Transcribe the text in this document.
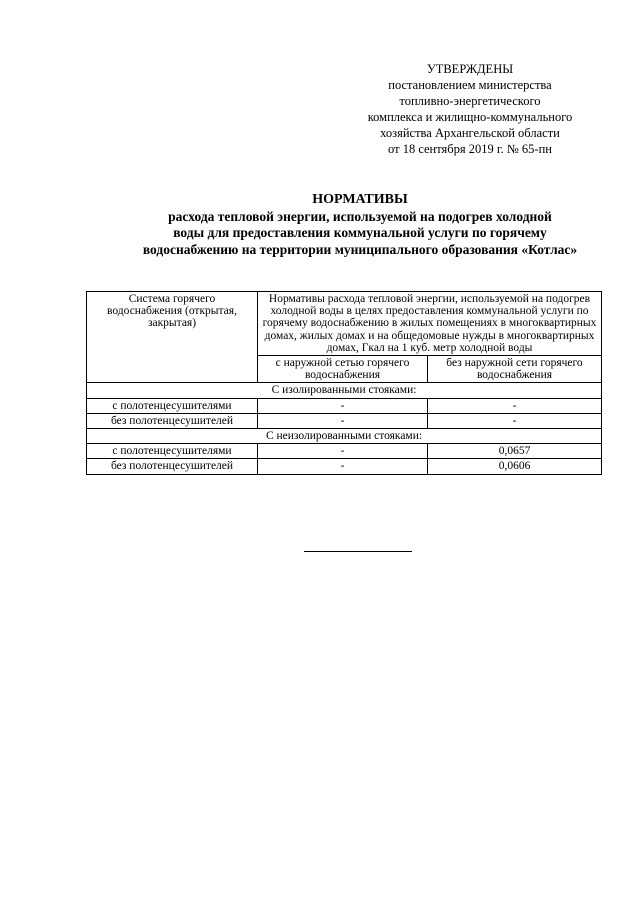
УТВЕРЖДЕНЫ
постановлением министерства
топливно-энергетического
комплекса и жилищно-коммунального
хозяйства Архангельской области
от 18 сентября 2019 г. № 65-пн
НОРМАТИВЫ
расхода тепловой энергии, используемой на подогрев холодной
воды для предоставления коммунальной услуги по горячему
водоснабжению на территории муниципального образования «Котлас»
Система горячего водоснабжения (открытая, закрытая)	Нормативы расхода тепловой энергии, используемой на подогрев холодной воды в целях предоставления коммунальной услуги по горячему водоснабжению в жилых помещениях в многоквартирных домах, жилых домах и на общедомовые нужды в многоквартирных домах, Гкал на 1 куб. метр холодной воды	
	с наружной сетью горячего водоснабжения	без наружной сети горячего водоснабжения
С изолированными стояками:		
с полотенцесушителями	-	-
без полотенцесушителей	-	-
С неизолированными стояками:		
с полотенцесушителями	-	0,0657
без полотенцесушителей	-	0,0606
